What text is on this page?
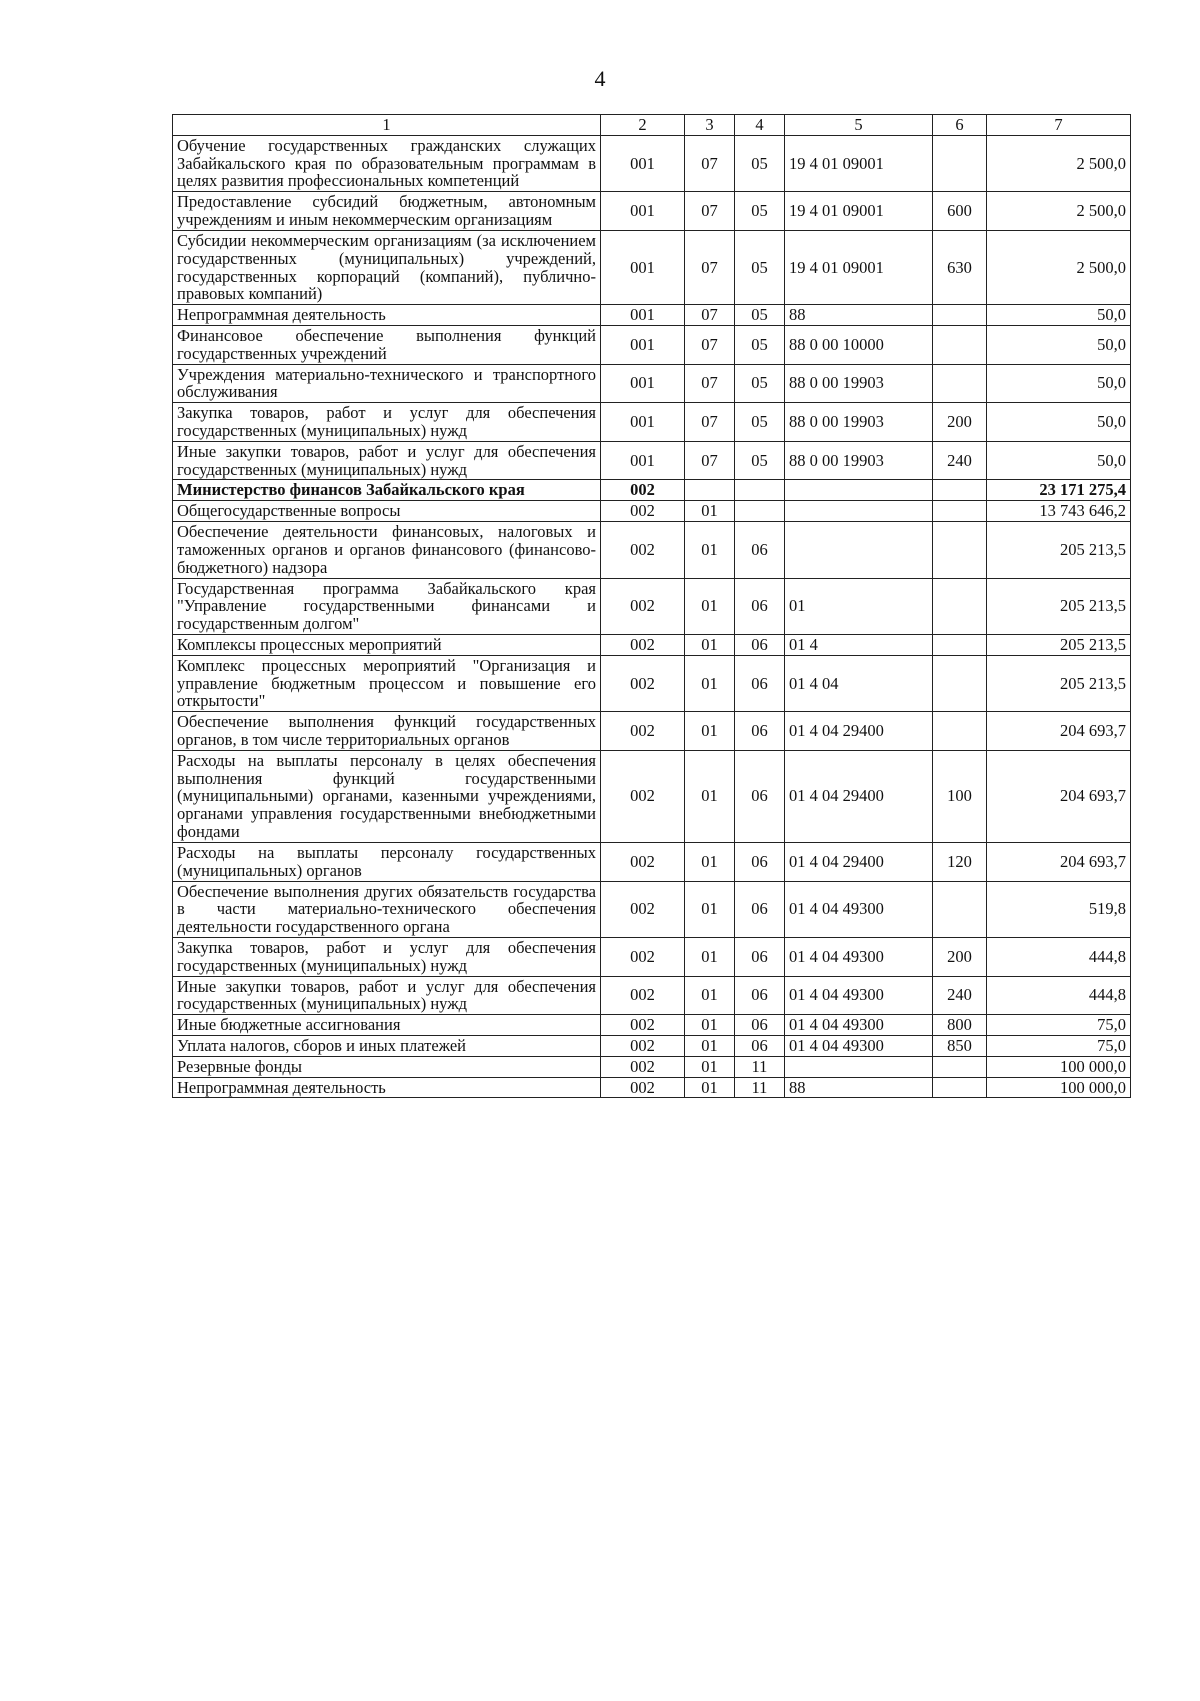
4
1	2	3	4	5	6	7
Обучение государственных гражданских служащих Забайкальского края по образовательным программам в целях развития профессиональных компетенций	001	07	05	19 4 01 09001		2 500,0
Предоставление субсидий бюджетным, автономным учреждениям и иным некоммерческим организациям	001	07	05	19 4 01 09001	600	2 500,0
Субсидии некоммерческим организациям (за исключением государственных (муниципальных) учреждений, государственных корпораций (компаний), публично-правовых компаний)	001	07	05	19 4 01 09001	630	2 500,0
Непрограммная деятельность	001	07	05	88		50,0
Финансовое обеспечение выполнения функций государственных учреждений	001	07	05	88 0 00 10000		50,0
Учреждения материально-технического и транспортного обслуживания	001	07	05	88 0 00 19903		50,0
Закупка товаров, работ и услуг для обеспечения государственных (муниципальных) нужд	001	07	05	88 0 00 19903	200	50,0
Иные закупки товаров, работ и услуг для обеспечения государственных (муниципальных) нужд	001	07	05	88 0 00 19903	240	50,0
Министерство финансов Забайкальского края	002					23 171 275,4
Общегосударственные вопросы	002	01				13 743 646,2
Обеспечение деятельности финансовых, налоговых и таможенных органов и органов финансового (финансово-бюджетного) надзора	002	01	06			205 213,5
Государственная программа Забайкальского края "Управление государственными финансами и государственным долгом"	002	01	06	01		205 213,5
Комплексы процессных мероприятий	002	01	06	01 4		205 213,5
Комплекс процессных мероприятий "Организация и управление бюджетным процессом и повышение его открытости"	002	01	06	01 4 04		205 213,5
Обеспечение выполнения функций государственных органов, в том числе территориальных органов	002	01	06	01 4 04 29400		204 693,7
Расходы на выплаты персоналу в целях обеспечения выполнения функций государственными (муниципальными) органами, казенными учреждениями, органами управления государственными внебюджетными фондами	002	01	06	01 4 04 29400	100	204 693,7
Расходы на выплаты персоналу государственных (муниципальных) органов	002	01	06	01 4 04 29400	120	204 693,7
Обеспечение выполнения других обязательств государства в части материально-технического обеспечения деятельности государственного органа	002	01	06	01 4 04 49300		519,8
Закупка товаров, работ и услуг для обеспечения государственных (муниципальных) нужд	002	01	06	01 4 04 49300	200	444,8
Иные закупки товаров, работ и услуг для обеспечения государственных (муниципальных) нужд	002	01	06	01 4 04 49300	240	444,8
Иные бюджетные ассигнования	002	01	06	01 4 04 49300	800	75,0
Уплата налогов, сборов и иных платежей	002	01	06	01 4 04 49300	850	75,0
Резервные фонды	002	01	11			100 000,0
Непрограммная деятельность	002	01	11	88		100 000,0
